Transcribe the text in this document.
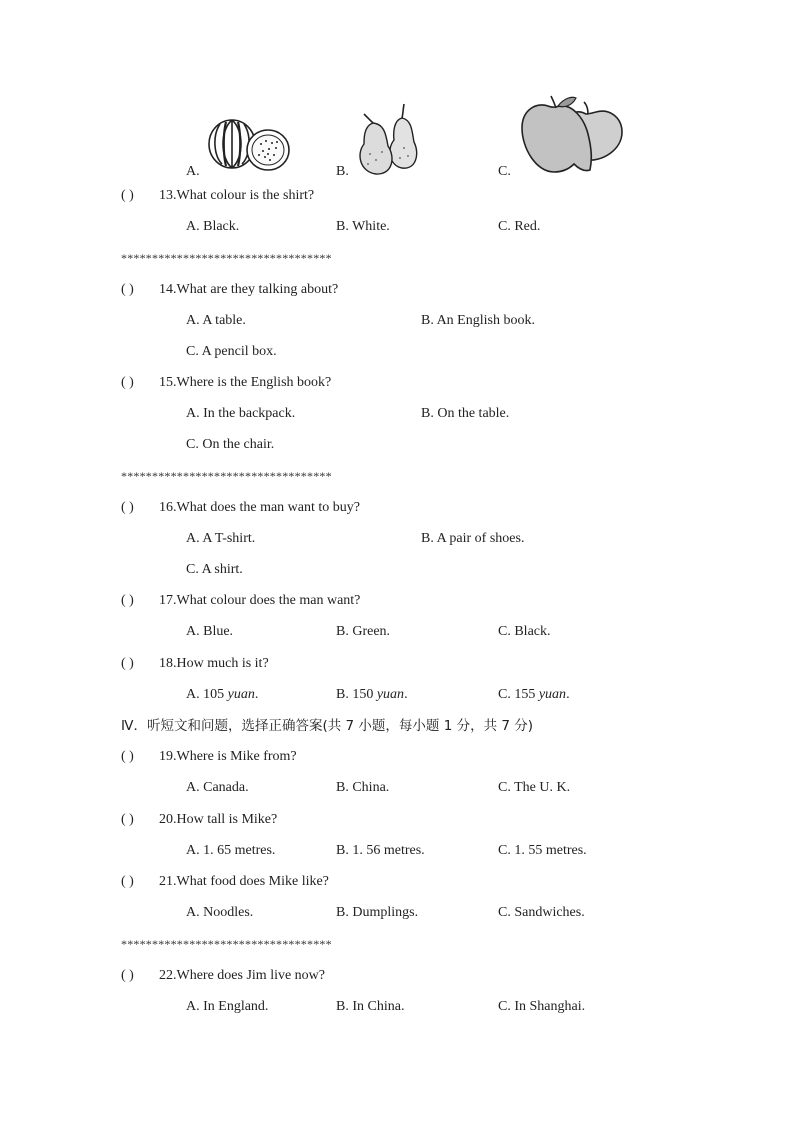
A.	B.	C.
( ) 13.What colour is the shirt?
A. Black.	B. White.	C. Red.
**********************************
( ) 14.What are they talking about?
A. A table.	B. An English book.
C. A pencil box.
( ) 15.Where is the English book?
A. In the backpack.	B. On the table.
C. On the chair.
**********************************
( ) 16.What does the man want to buy?
A. A T-shirt.	B. A pair of shoes.
C. A shirt.
( ) 17.What colour does the man want?
A. Blue.	B. Green.	C. Black.
( ) 18.How much is it?
A. 105 yuan.	B. 150 yuan.	C. 155 yuan.
Ⅳ．听短文和问题，选择正确答案(共 7 小题，每小题 1 分，共 7 分)
( ) 19.Where is Mike from?
A. Canada.	B. China.	C. The U. K.
( ) 20.How tall is Mike?
A. 1. 65 metres.	B. 1. 56 metres.	C. 1. 55 metres.
( ) 21.What food does Mike like?
A. Noodles.	B. Dumplings.	C. Sandwiches.
**********************************
( ) 22.Where does Jim live now?
A. In England.	B. In China.	C. In Shanghai.
